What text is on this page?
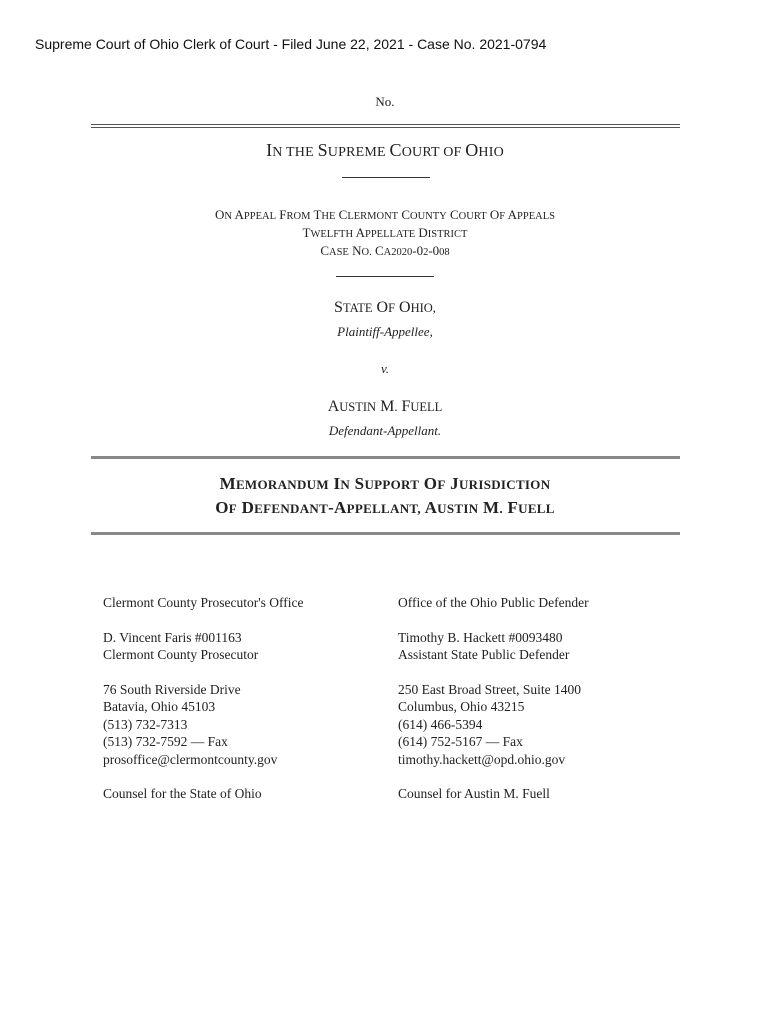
Supreme Court of Ohio Clerk of Court - Filed June 22, 2021 - Case No. 2021-0794
No.
IN THE SUPREME COURT OF OHIO
ON APPEAL FROM THE CLERMONT COUNTY COURT OF APPEALS
TWELFTH APPELLATE DISTRICT
CASE NO. CA2020-02-008
STATE OF OHIO,
Plaintiff-Appellee,
v.
AUSTIN M. FUELL
Defendant-Appellant.
MEMORANDUM IN SUPPORT OF JURISDICTION
OF DEFENDANT-APPELLANT, AUSTIN M. FUELL
Clermont County Prosecutor's Office
D. Vincent Faris #001163
Clermont County Prosecutor
76 South Riverside Drive
Batavia, Ohio 45103
(513) 732-7313
(513) 732-7592 — Fax
prosoffice@clermontcounty.gov
Counsel for the State of Ohio
Office of the Ohio Public Defender
Timothy B. Hackett #0093480
Assistant State Public Defender
250 East Broad Street, Suite 1400
Columbus, Ohio 43215
(614) 466-5394
(614) 752-5167 — Fax
timothy.hackett@opd.ohio.gov
Counsel for Austin M. Fuell
